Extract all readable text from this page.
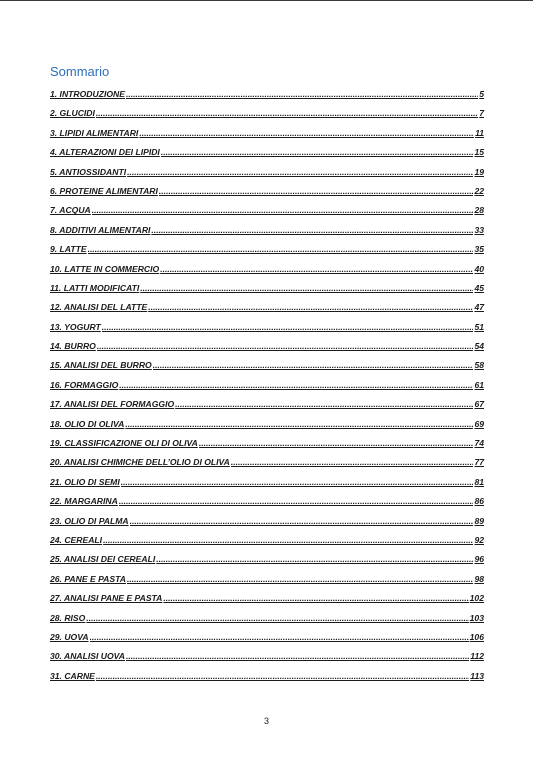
Sommario
1. INTRODUZIONE .....	5
2. GLUCIDI .....	7
3. LIPIDI ALIMENTARI .....	11
4. ALTERAZIONI DEI LIPIDI .....	15
5. ANTIOSSIDANTI .....	19
6. PROTEINE ALIMENTARI .....	22
7. ACQUA .....	28
8. ADDITIVI ALIMENTARI .....	33
9. LATTE .....	35
10. LATTE IN COMMERCIO .....	40
11. LATTI MODIFICATI .....	45
12. ANALISI DEL LATTE .....	47
13. YOGURT .....	51
14. BURRO .....	54
15. ANALISI DEL BURRO .....	58
16. FORMAGGIO .....	61
17. ANALISI DEL FORMAGGIO .....	67
18. OLIO DI OLIVA .....	69
19. CLASSIFICAZIONE OLI DI OLIVA .....	74
20. ANALISI CHIMICHE DELL’OLIO DI OLIVA .....	77
21. OLIO DI SEMI .....	81
22. MARGARINA .....	86
23. OLIO DI PALMA .....	89
24. CEREALI .....	92
25. ANALISI DEI CEREALI .....	96
26. PANE E PASTA .....	98
27. ANALISI PANE E PASTA .....	102
28. RISO .....	103
29. UOVA .....	106
30. ANALISI UOVA .....	112
31. CARNE .....	113
3
